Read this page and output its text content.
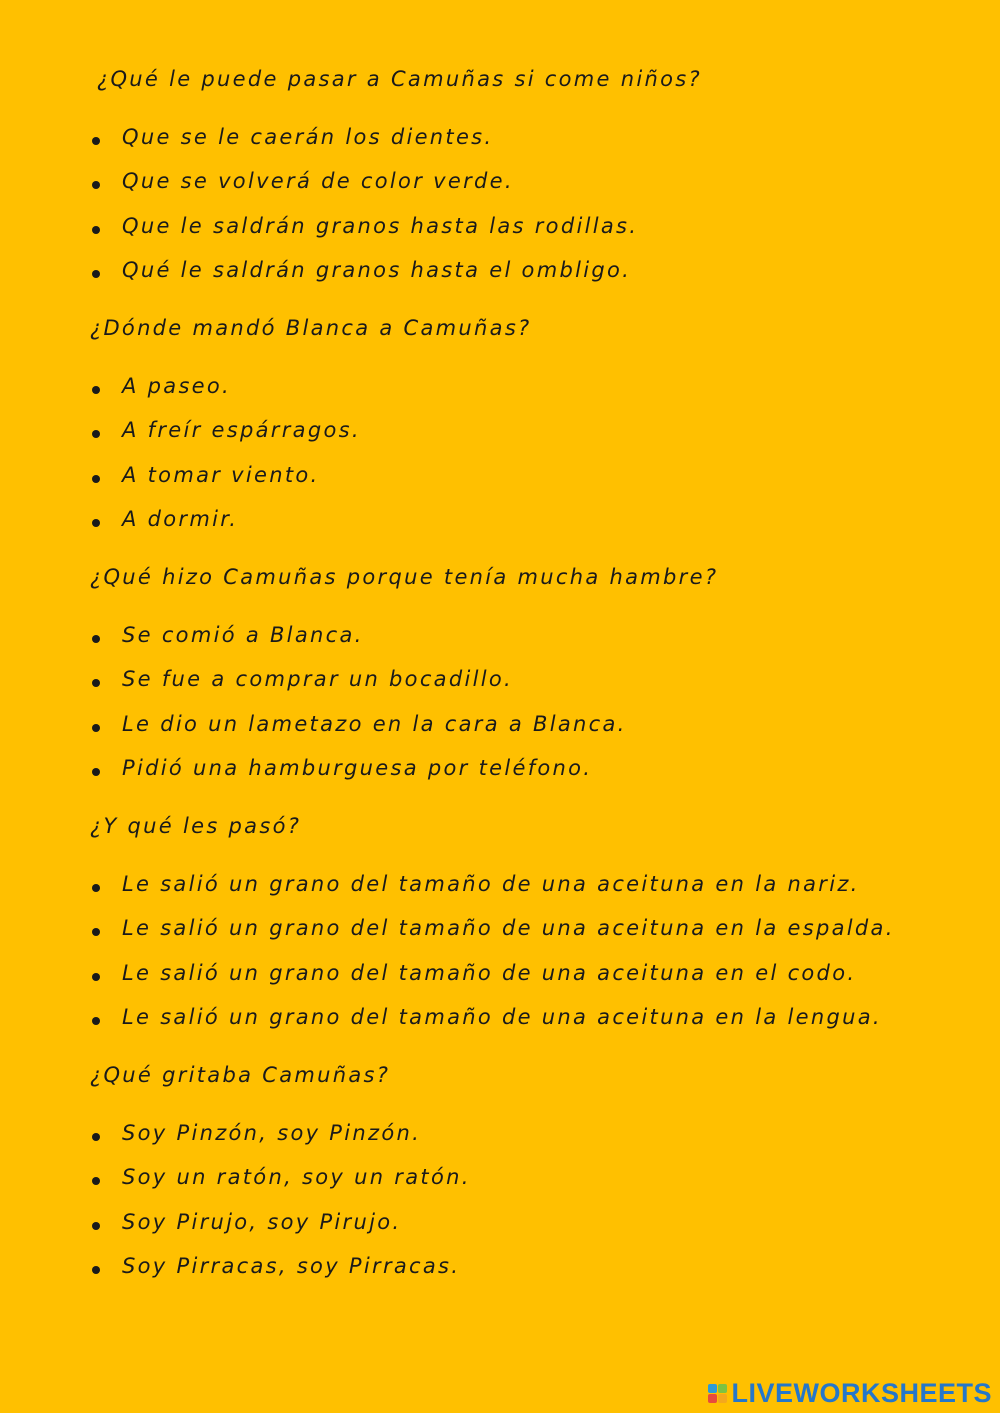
¿Qué le puede pasar a Camuñas si come niños?
Que se le caerán los dientes.
Que se volverá de color verde.
Que le saldrán granos hasta las rodillas.
Qué le saldrán granos hasta el ombligo.
¿Dónde mandó Blanca a Camuñas?
A paseo.
A freír espárragos.
A tomar viento.
A dormir.
¿Qué hizo Camuñas porque tenía mucha hambre?
Se comió a Blanca.
Se fue a comprar un bocadillo.
Le dio un lametazo en la cara a Blanca.
Pidió una hamburguesa por teléfono.
¿Y qué les pasó?
Le salió un grano del tamaño de una aceituna en la nariz.
Le salió un grano del tamaño de una aceituna en la espalda.
Le salió un grano del tamaño de una aceituna en el codo.
Le salió un grano del tamaño de una aceituna en la lengua.
¿Qué gritaba Camuñas?
Soy Pinzón, soy Pinzón.
Soy un ratón, soy un ratón.
Soy Pirujo, soy Pirujo.
Soy Pirracas, soy Pirracas.
LIVEWORKSHEETS
